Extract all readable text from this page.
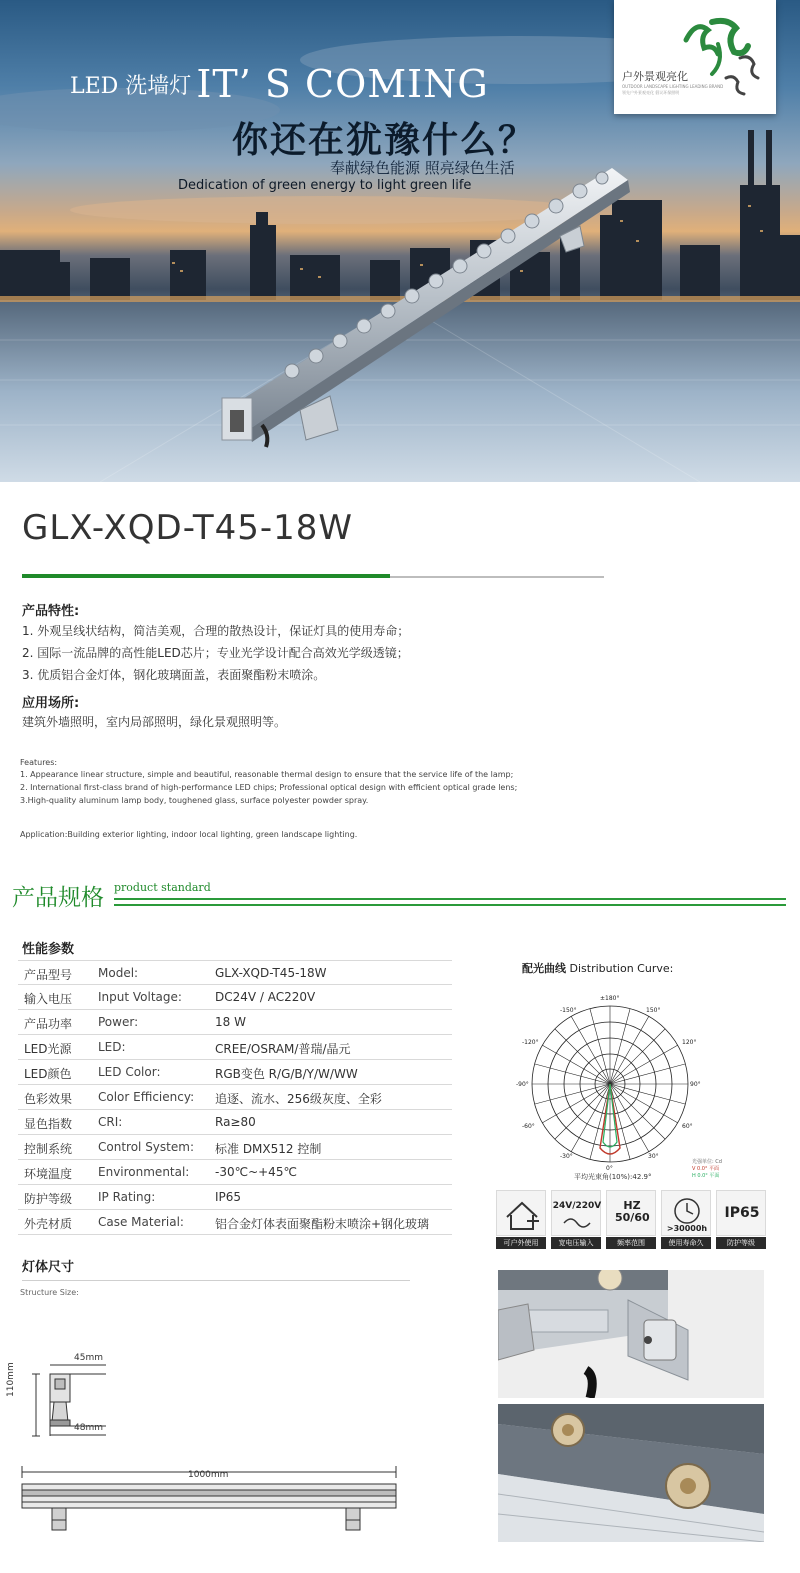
LED 洗墙灯 IT’ S COMING
你还在犹豫什么？
奉献绿色能源 照亮绿色生活
Dedication of green energy to light green life
户外景观亮化
OUTDOOR LANDSCAPE LIGHTING LEADING BRAND
领先户外景观亮化 倡议环保照明
GLX-XQD-T45-18W
产品特性:
1. 外观呈线状结构，简洁美观，合理的散热设计，保证灯具的使用寿命；
2. 国际一流品牌的高性能LED芯片；专业光学设计配合高效光学级透镜；
3. 优质铝合金灯体，钢化玻璃面盖，表面聚酯粉末喷涂。
应用场所:
建筑外墙照明，室内局部照明，绿化景观照明等。
Features:
1. Appearance linear structure, simple and beautiful, reasonable thermal design to ensure that the service life of the lamp;
2. International first-class brand of high-performance LED chips; Professional optical design with efficient optical grade lens;
3.High-quality aluminum lamp body, toughened glass, surface polyester powder spray.
Application:Building exterior lighting, indoor local lighting, green landscape lighting.
产品规格 product standard
性能参数
产品型号 Model:	GLX-XQD-T45-18W
输入电压 Input Voltage:	DC24V / AC220V
产品功率 Power:	18 W
LED光源 LED:	CREE/OSRAM/普瑞/晶元
LED颜色 LED Color:	RGB变色 R/G/B/Y/W/WW
色彩效果 Color Efficiency: 追逐、流水、256级灰度、全彩
显色指数 CRI:	Ra≥80
控制系统 Control System: 标准 DMX512 控制
环境温度 Environmental: -30℃~+45℃
防护等级 IP Rating:	IP65
外壳材质 Case Material:	铝合金灯体表面聚酯粉末喷涂+钢化玻璃
配光曲线 Distribution Curve:
±180°
-150°	150°
-120°	120°
-90°	90°
-60°	60°
-30°	30°
0°
光强单位: Cd
V 0.0° 平面
H 0.0° 平面
平均光束角(10%):42.9°
可户外使用
24V/220V
宽电压输入
HZ 50/60
频率范围
>30000h
使用寿命久
IP65
防护等级
灯体尺寸
Structure Size:
45mm
110mm
48mm
1000mm
